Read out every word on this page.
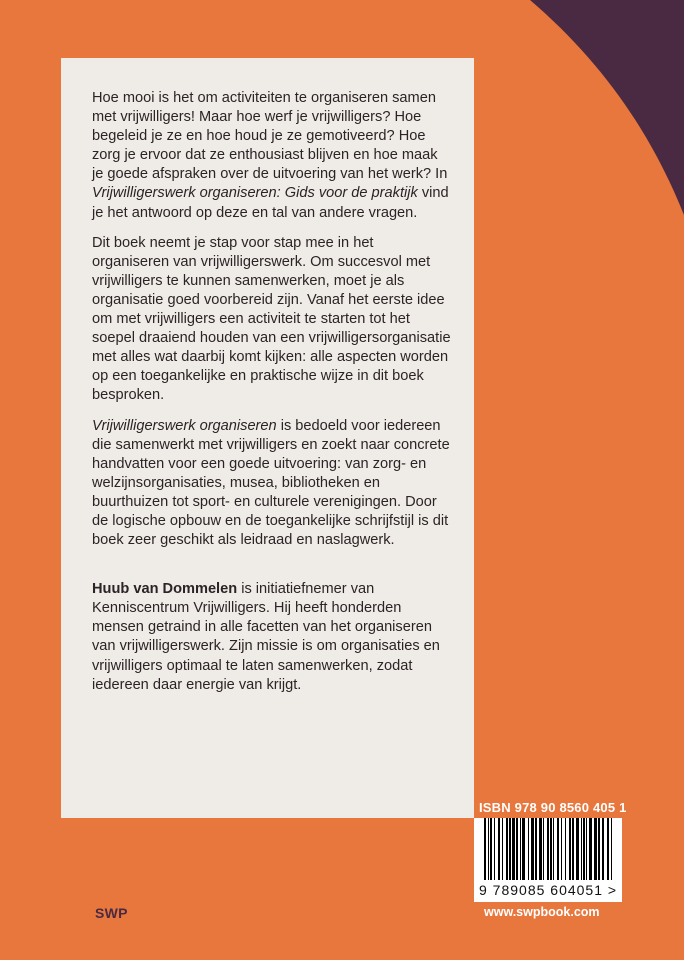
Hoe mooi is het om activiteiten te organiseren samen met vrijwilligers! Maar hoe werf je vrijwilligers? Hoe begeleid je ze en hoe houd je ze gemotiveerd? Hoe zorg je ervoor dat ze enthousiast blijven en hoe maak je goede afspraken over de uitvoering van het werk? In Vrijwilligerswerk organiseren: Gids voor de praktijk vind je het antwoord op deze en tal van andere vragen.

Dit boek neemt je stap voor stap mee in het organiseren van vrijwilligerswerk. Om succesvol met vrijwilligers te kunnen samenwerken, moet je als organisatie goed voorbereid zijn. Vanaf het eerste idee om met vrijwilligers een activiteit te starten tot het soepel draaiend houden van een vrijwilligersorganisatie met alles wat daarbij komt kijken: alle aspecten worden op een toegankelijke en praktische wijze in dit boek besproken.

Vrijwilligerswerk organiseren is bedoeld voor iedereen die samenwerkt met vrijwilligers en zoekt naar concrete handvatten voor een goede uitvoering: van zorg- en welzijnsorganisaties, musea, bibliotheken en buurthuizen tot sport- en culturele verenigingen. Door de logische opbouw en de toegankelijke schrijfstijl is dit boek zeer geschikt als leidraad en naslagwerk.

Huub van Dommelen is initiatiefnemer van Kenniscentrum Vrijwilligers. Hij heeft honderden mensen getraind in alle facetten van het organiseren van vrijwilligerswerk. Zijn missie is om organisaties en vrijwilligers optimaal te laten samenwerken, zodat iedereen daar energie van krijgt.

ISBN 978 90 8560 405 1
9 789085 604051 >
www.swpbook.com
SWP
